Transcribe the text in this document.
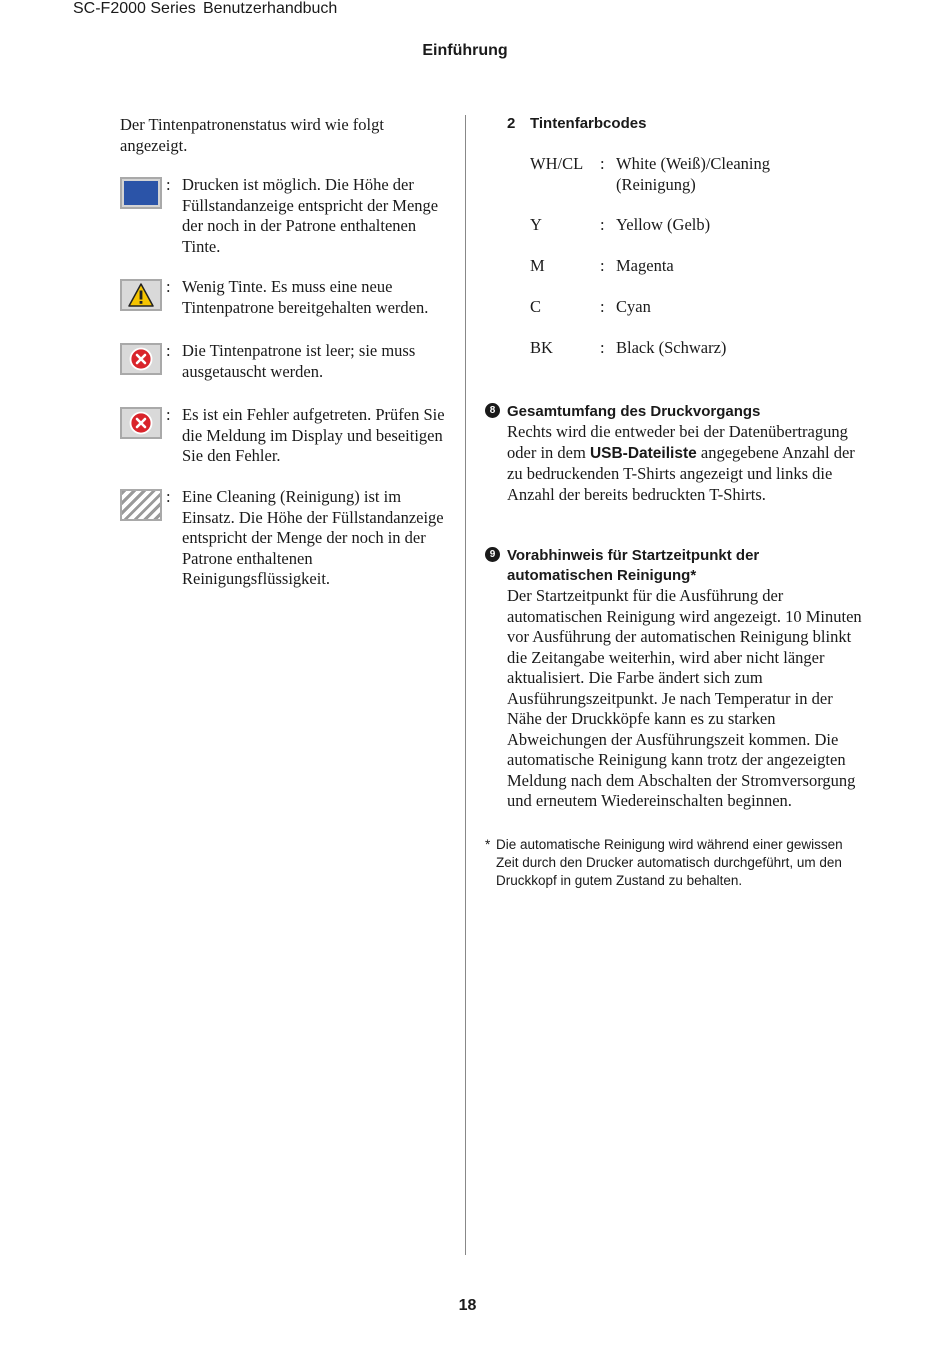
SC-F2000 Series Benutzerhandbuch
Einführung
Der Tintenpatronenstatus wird wie folgt angezeigt.
: Drucken ist möglich. Die Höhe der Füllstandanzeige entspricht der Menge der noch in der Patrone enthaltenen Tinte.
: Wenig Tinte. Es muss eine neue Tintenpatrone bereitgehalten werden.
: Die Tintenpatrone ist leer; sie muss ausgetauscht werden.
: Es ist ein Fehler aufgetreten. Prüfen Sie die Meldung im Display und beseitigen Sie den Fehler.
: Eine Cleaning (Reinigung) ist im Einsatz. Die Höhe der Füllstandanzeige entspricht der Menge der noch in der Patrone enthaltenen Reinigungsflüssigkeit.
2 Tintenfarbcodes
WH/CL : White (Weiß)/Cleaning (Reinigung)
Y	: Yellow (Gelb)
M	: Magenta
C	: Cyan
BK	: Black (Schwarz)
8 Gesamtumfang des Druckvorgangs
Rechts wird die entweder bei der Datenübertragung oder in dem USB-Dateiliste angegebene Anzahl der zu bedruckenden T-Shirts angezeigt und links die Anzahl der bereits bedruckten T-Shirts.
9 Vorabhinweis für Startzeitpunkt der automatischen Reinigung*
Der Startzeitpunkt für die Ausführung der automatischen Reinigung wird angezeigt. 10 Minuten vor Ausführung der automatischen Reinigung blinkt die Zeitangabe weiterhin, wird aber nicht länger aktualisiert. Die Farbe ändert sich zum Ausführungszeitpunkt. Je nach Temperatur in der Nähe der Druckköpfe kann es zu starken Abweichungen der Ausführungszeit kommen. Die automatische Reinigung kann trotz der angezeigten Meldung nach dem Abschalten der Stromversorgung und erneutem Wiedereinschalten beginnen.
* Die automatische Reinigung wird während einer gewissen Zeit durch den Drucker automatisch durchgeführt, um den Druckkopf in gutem Zustand zu behalten.
18
